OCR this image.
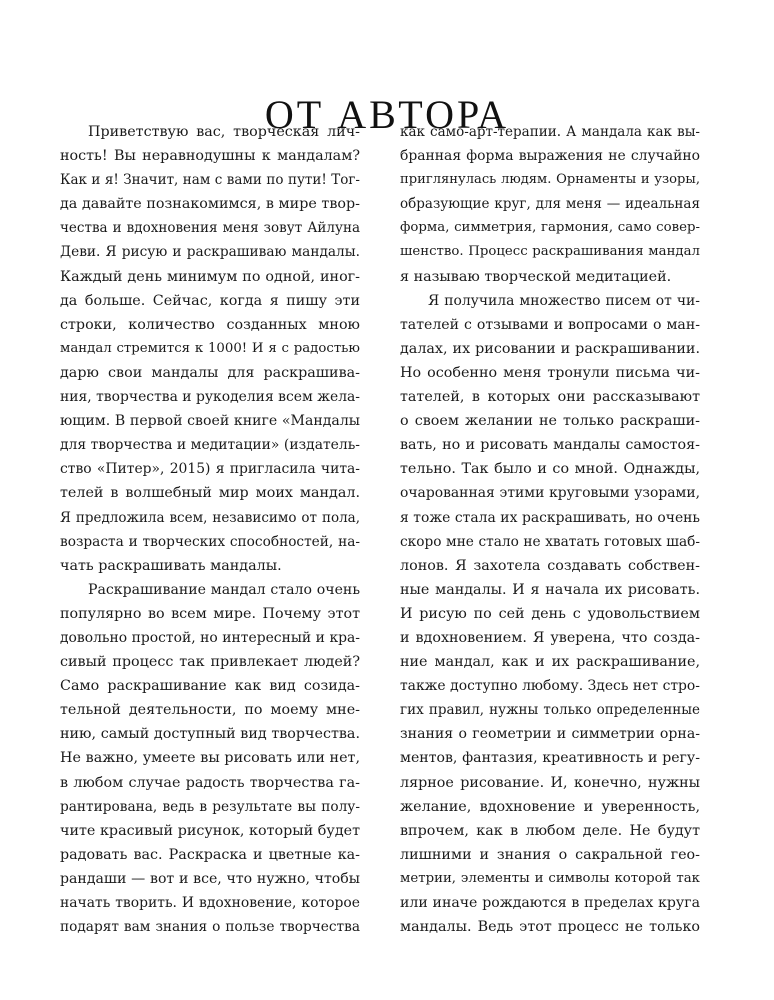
ОТ АВТОРА
Приветствую вас, творческая лич-
ность! Вы неравнодушны к мандалам?
Как и я! Значит, нам с вами по пути! Тог-
да давайте познакомимся, в мире твор-
чества и вдохновения меня зовут Айлуна
Деви. Я рисую и раскрашиваю мандалы.
Каждый день минимум по одной, иног-
да больше. Сейчас, когда я пишу эти
строки, количество созданных мною
мандал стремится к 1000! И я с радостью
дарю свои мандалы для раскрашива-
ния, творчества и рукоделия всем жела-
ющим. В первой своей книге «Мандалы
для творчества и медитации» (издатель-
ство «Питер», 2015) я пригласила чита-
телей в волшебный мир моих мандал.
Я предложила всем, независимо от пола,
возраста и творческих способностей, на-
чать раскрашивать мандалы.
Раскрашивание мандал стало очень
популярно во всем мире. Почему этот
довольно простой, но интересный и кра-
сивый процесс так привлекает людей?
Само раскрашивание как вид созида-
тельной деятельности, по моему мне-
нию, самый доступный вид творчества.
Не важно, умеете вы рисовать или нет,
в любом случае радость творчества га-
рантирована, ведь в результате вы полу-
чите красивый рисунок, который будет
радовать вас. Раскраска и цветные ка-
рандаши — вот и все, что нужно, чтобы
начать творить. И вдохновение, которое
подарят вам знания о пользе творчества
как само-арт-терапии. А мандала как вы-
бранная форма выражения не случайно
приглянулась людям. Орнаменты и узоры,
образующие круг, для меня — идеальная
форма, симметрия, гармония, само совер-
шенство. Процесс раскрашивания мандал
я называю творческой медитацией.
Я получила множество писем от чи-
тателей с отзывами и вопросами о ман-
далах, их рисовании и раскрашивании.
Но особенно меня тронули письма чи-
тателей, в которых они рассказывают
о своем желании не только раскраши-
вать, но и рисовать мандалы самостоя-
тельно. Так было и со мной. Однажды,
очарованная этими круговыми узорами,
я тоже стала их раскрашивать, но очень
скоро мне стало не хватать готовых шаб-
лонов. Я захотела создавать собствен-
ные мандалы. И я начала их рисовать.
И рисую по сей день с удовольствием
и вдохновением. Я уверена, что созда-
ние мандал, как и их раскрашивание,
также доступно любому. Здесь нет стро-
гих правил, нужны только определенные
знания о геометрии и симметрии орна-
ментов, фантазия, креативность и регу-
лярное рисование. И, конечно, нужны
желание, вдохновение и уверенность,
впрочем, как в любом деле. Не будут
лишними и знания о сакральной гео-
метрии, элементы и символы которой так
или иначе рождаются в пределах круга
мандалы. Ведь этот процесс не только
